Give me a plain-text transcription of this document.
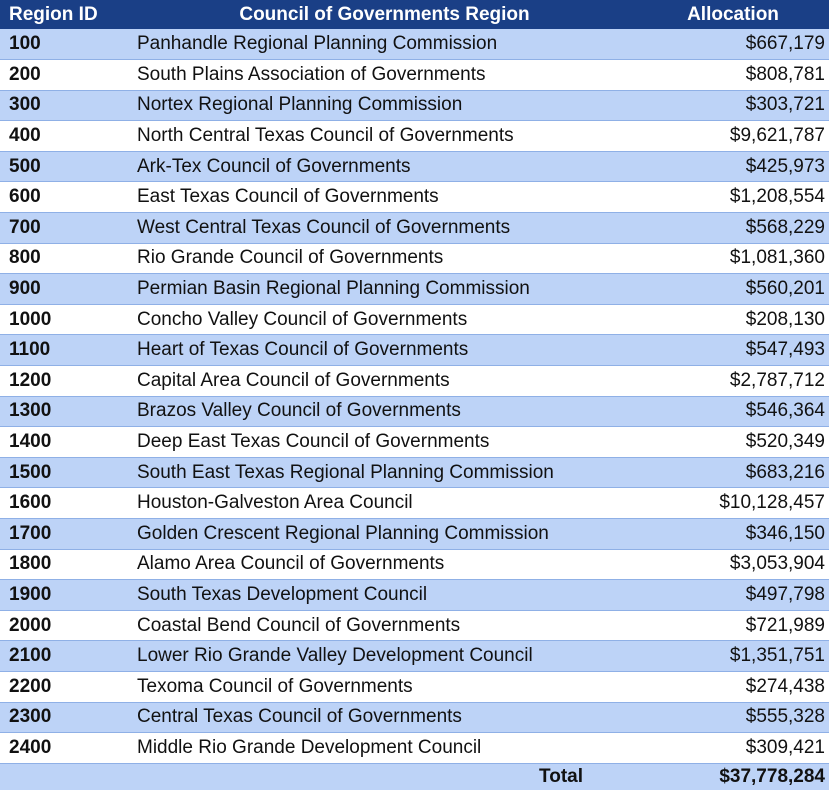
Region ID	Council of Governments Region	Allocation
100	Panhandle Regional Planning Commission	$667,179
200	South Plains Association of Governments	$808,781
300	Nortex Regional Planning Commission	$303,721
400	North Central Texas Council of Governments	$9,621,787
500	Ark-Tex Council of Governments	$425,973
600	East Texas Council of Governments	$1,208,554
700	West Central Texas Council of Governments	$568,229
800	Rio Grande Council of Governments	$1,081,360
900	Permian Basin Regional Planning Commission	$560,201
1000	Concho Valley Council of Governments	$208,130
1100	Heart of Texas Council of Governments	$547,493
1200	Capital Area Council of Governments	$2,787,712
1300	Brazos Valley Council of Governments	$546,364
1400	Deep East Texas Council of Governments	$520,349
1500	South East Texas Regional Planning Commission	$683,216
1600	Houston-Galveston Area Council	$10,128,457
1700	Golden Crescent Regional Planning Commission	$346,150
1800	Alamo Area Council of Governments	$3,053,904
1900	South Texas Development Council	$497,798
2000	Coastal Bend Council of Governments	$721,989
2100	Lower Rio Grande Valley Development Council	$1,351,751
2200	Texoma Council of Governments	$274,438
2300	Central Texas Council of Governments	$555,328
2400	Middle Rio Grande Development Council	$309,421
	Total	$37,778,284
